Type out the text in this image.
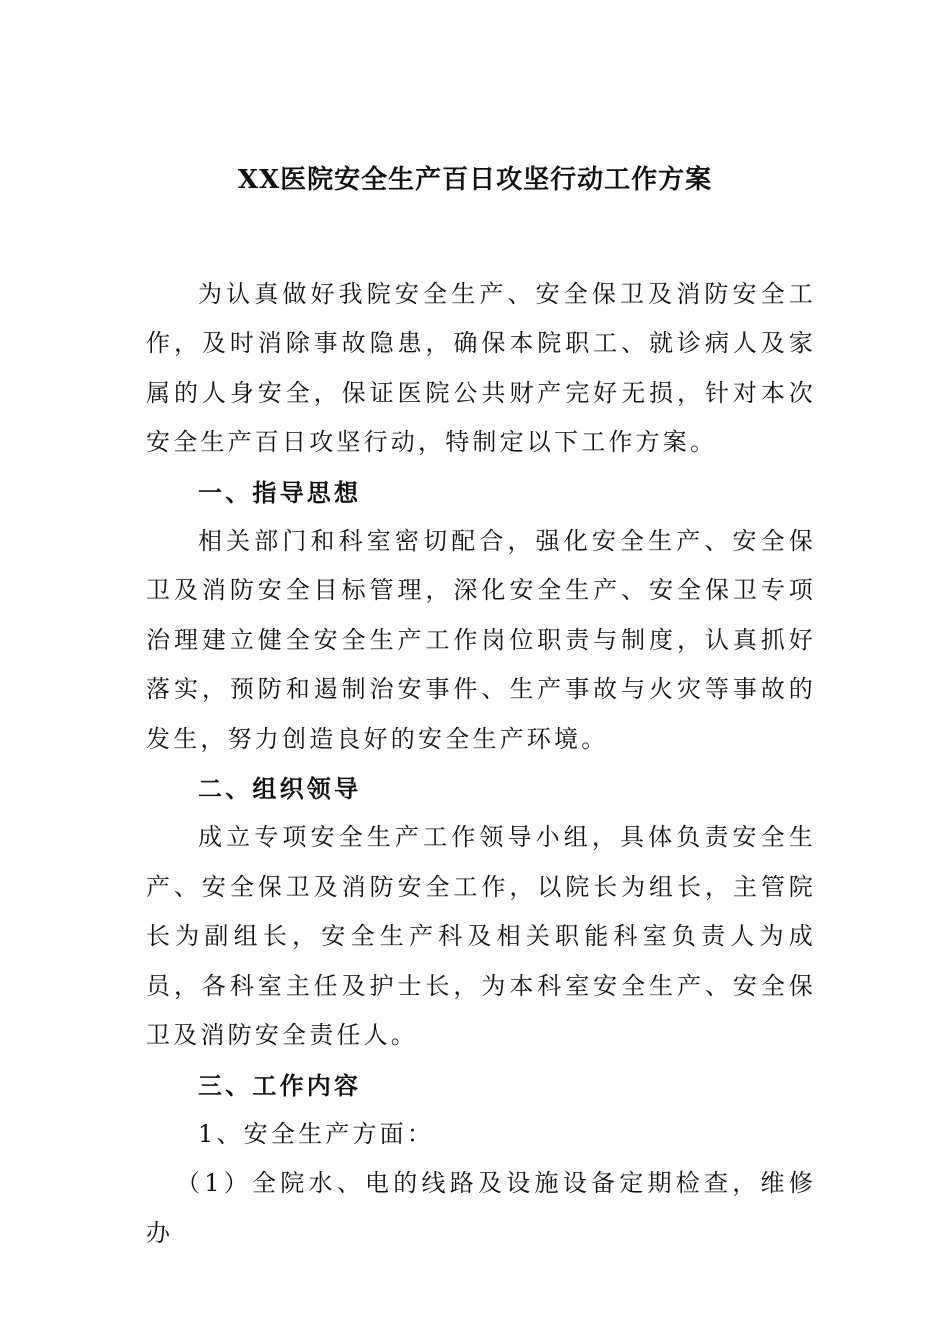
XX医院安全生产百日攻坚行动工作方案

为认真做好我院安全生产、安全保卫及消防安全工作，及时消除事故隐患，确保本院职工、就诊病人及家属的人身安全，保证医院公共财产完好无损，针对本次安全生产百日攻坚行动，特制定以下工作方案。

一、指导思想

相关部门和科室密切配合，强化安全生产、安全保卫及消防安全目标管理，深化安全生产、安全保卫专项治理建立健全安全生产工作岗位职责与制度，认真抓好落实，预防和遏制治安事件、生产事故与火灾等事故的发生，努力创造良好的安全生产环境。

二、组织领导

成立专项安全生产工作领导小组，具体负责安全生产、安全保卫及消防安全工作，以院长为组长，主管院长为副组长，安全生产科及相关职能科室负责人为成员，各科室主任及护士长，为本科室安全生产、安全保卫及消防安全责任人。

三、工作内容

1、安全生产方面：

（1）全院水、电的线路及设施设备定期检查，维修办
